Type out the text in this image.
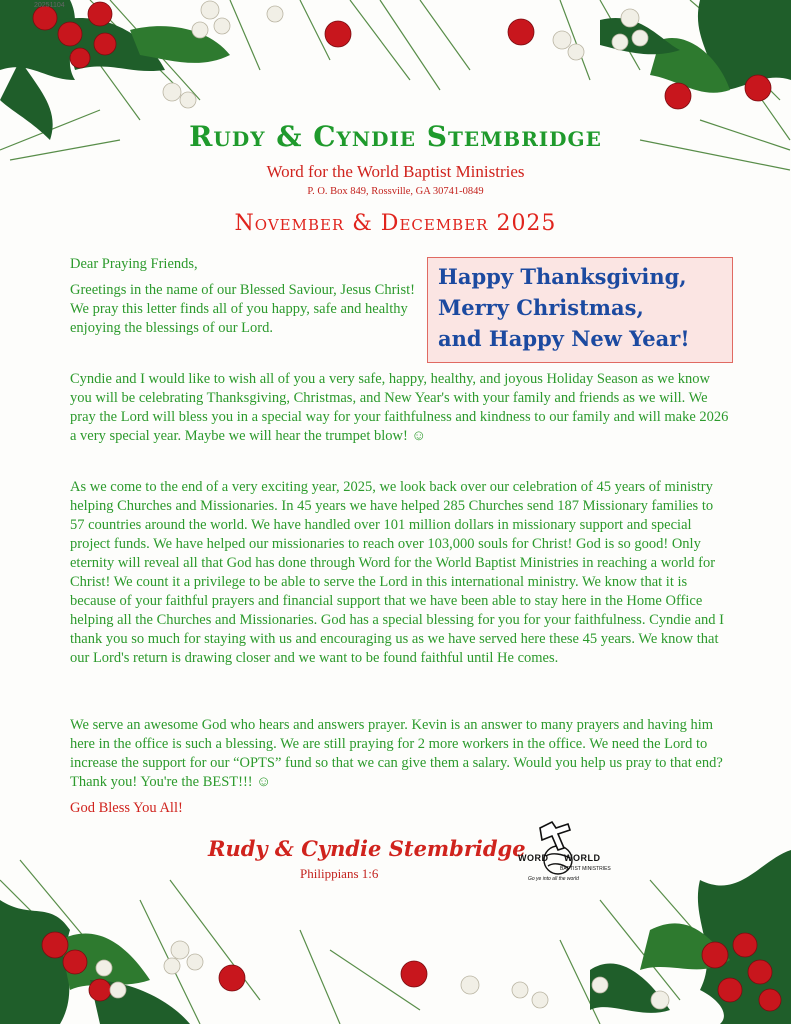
20251104
Rudy & Cyndie Stembridge
Word for the World Baptist Ministries
P. O. Box 849, Rossville, GA 30741-0849
November & December 2025
Dear Praying Friends,
Greetings in the name of our Blessed Saviour, Jesus Christ! We pray this letter finds all of you happy, safe and healthy enjoying the blessings of our Lord.
Happy Thanksgiving,
Merry Christmas,
and Happy New Year!
Cyndie and I would like to wish all of you a very safe, happy, healthy, and joyous Holiday Season as we know you will be celebrating Thanksgiving, Christmas, and New Year's with your family and friends as we will. We pray the Lord will bless you in a special way for your faithfulness and kindness to our family and will make 2026 a very special year. Maybe we will hear the trumpet blow! ☺
As we come to the end of a very exciting year, 2025, we look back over our celebration of 45 years of ministry helping Churches and Missionaries. In 45 years we have helped 285 Churches send 187 Missionary families to 57 countries around the world. We have handled over 101 million dollars in missionary support and special project funds. We have helped our missionaries to reach over 103,000 souls for Christ! God is so good! Only eternity will reveal all that God has done through Word for the World Baptist Ministries in reaching a world for Christ! We count it a privilege to be able to serve the Lord in this international ministry. We know that it is because of your faithful prayers and financial support that we have been able to stay here in the Home Office helping all the Churches and Missionaries. God has a special blessing for you for your faithfulness. Cyndie and I thank you so much for staying with us and encouraging us as we have served here these 45 years. We know that our Lord's return is drawing closer and we want to be found faithful until He comes.
We serve an awesome God who hears and answers prayer. Kevin is an answer to many prayers and having him here in the office is such a blessing. We are still praying for 2 more workers in the office. We need the Lord to increase the support for our “OPTS” fund so that we can give them a salary. Would you help us pray to that end? Thank you! You're the BEST!!! ☺
God Bless You All!
Rudy & Cyndie Stembridge
Philippians 1:6
WORD WORLD
BAPTIST MINISTRIES
Go ye into all the world
